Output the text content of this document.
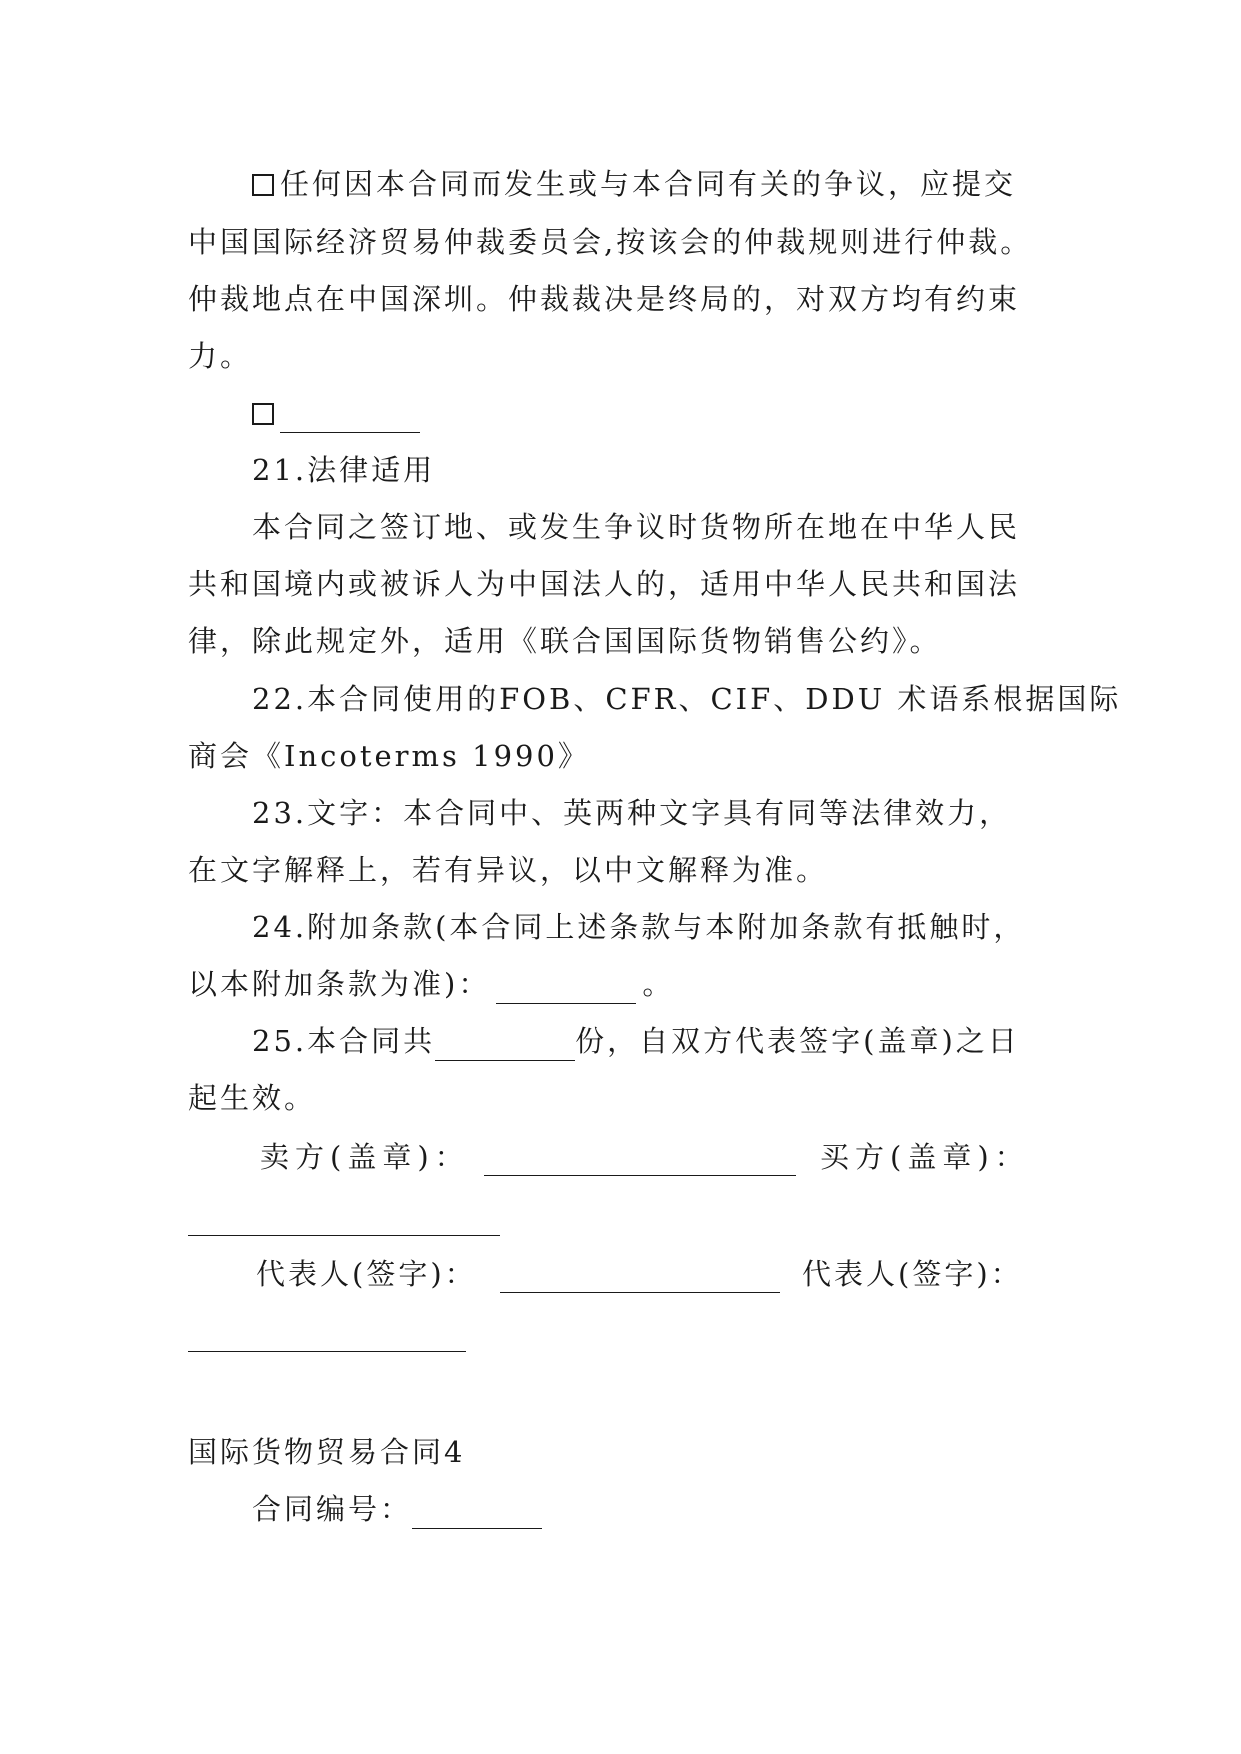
任何因本合同而发生或与本合同有关的争议，应提交
中国国际经济贸易仲裁委员会,按该会的仲裁规则进行仲裁。
仲裁地点在中国深圳。仲裁裁决是终局的，对双方均有约束
力。
21.法律适用
本合同之签订地、或发生争议时货物所在地在中华人民
共和国境内或被诉人为中国法人的，适用中华人民共和国法
律，除此规定外，适用《联合国国际货物销售公约》。
22.本合同使用的FOB、CFR、CIF、DDU 术语系根据国际
商会《Incoterms 1990》
23.文字：本合同中、英两种文字具有同等法律效力，
在文字解释上，若有异议，以中文解释为准。
24.附加条款(本合同上述条款与本附加条款有抵触时，
以本附加条款为准)：	。
25.本合同共	份，自双方代表签字(盖章)之日
起生效。
卖方(盖章)：	买方(盖章)：
代表人(签字)：	代表人(签字)：
国际货物贸易合同4
合同编号：
